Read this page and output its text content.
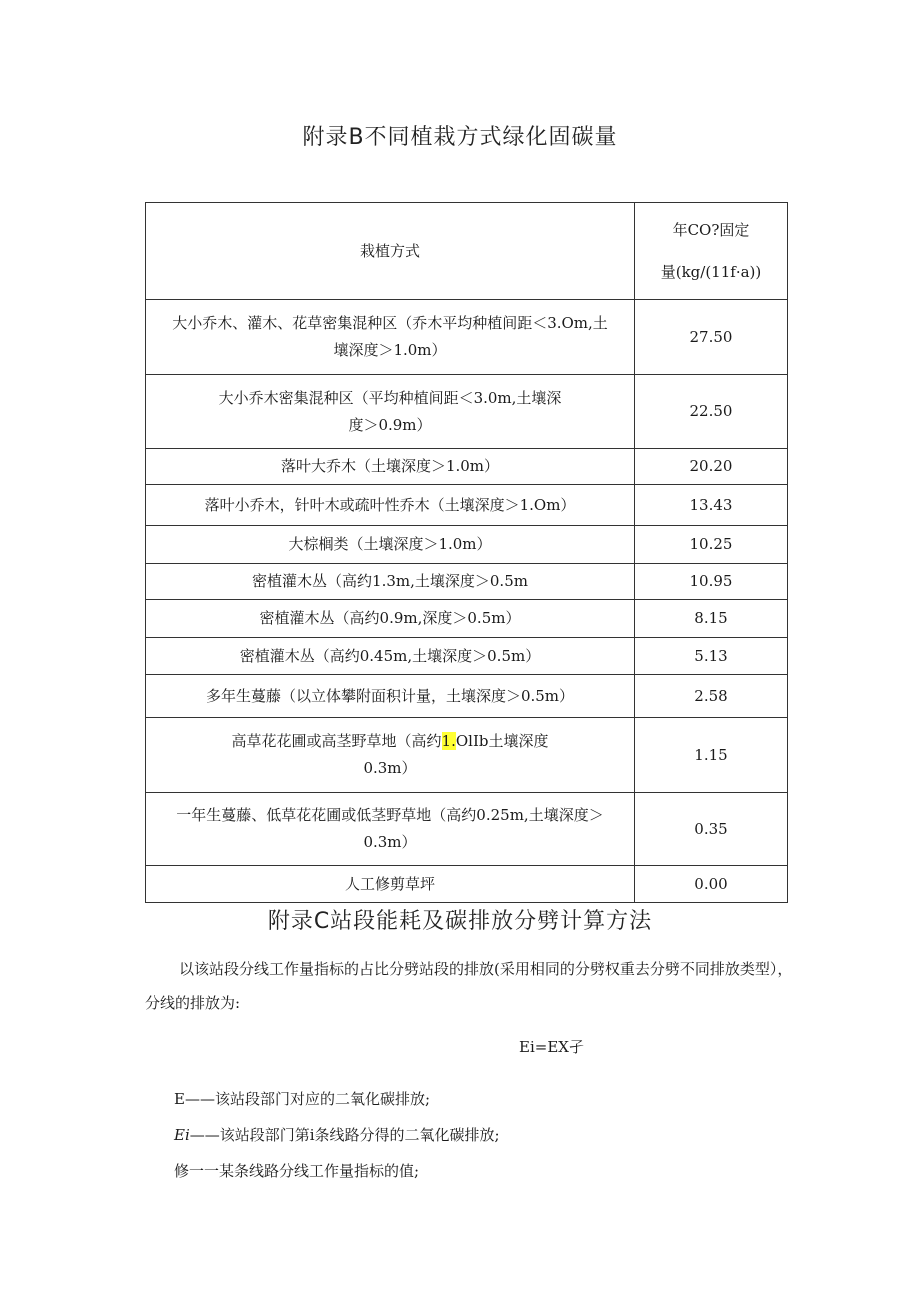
附录B不同植栽方式绿化固碳量
栽植方式	年CO?固定
量(kg/(11f·a))

大小乔木、灌木、花草密集混种区（乔木平均种植间距＜3.Om,土
壤深度＞1.0m）	27.50

大小乔木密集混种区（平均种植间距＜3.0m,土壤深
度＞0.9m）	22.50
落叶大乔木（土壤深度＞1.0m）	20.20
落叶小乔木，针叶木或疏叶性乔木（土壤深度＞1.Om）	13.43
大棕榈类（土壤深度＞1.0m）	10.25
密植灌木丛（高约1.3m,土壤深度＞0.5m	10.95
密植灌木丛（高约0.9m,深度＞0.5m）	8.15
密植灌木丛（高约0.45m,土壤深度＞0.5m）	5.13
多年生蔓藤（以立体攀附面积计量，土壤深度＞0.5m）	2.58

高草花花圃或高茎野草地（高约1.OlIb土壤深度
0.3m）	1.15

一年生蔓藤、低草花花圃或低茎野草地（高约0.25m,土壤深度＞
0.3m）	0.35
人工修剪草坪	0.00
附录C站段能耗及碳排放分劈计算方法
以该站段分线工作量指标的占比分劈站段的排放(采用相同的分劈权重去分劈不同排放类型），分线的排放为:
Ei=EX孑
E——该站段部门对应的二氧化碳排放;
Ei——该站段部门第i条线路分得的二氧化碳排放;
修一一某条线路分线工作量指标的值;
